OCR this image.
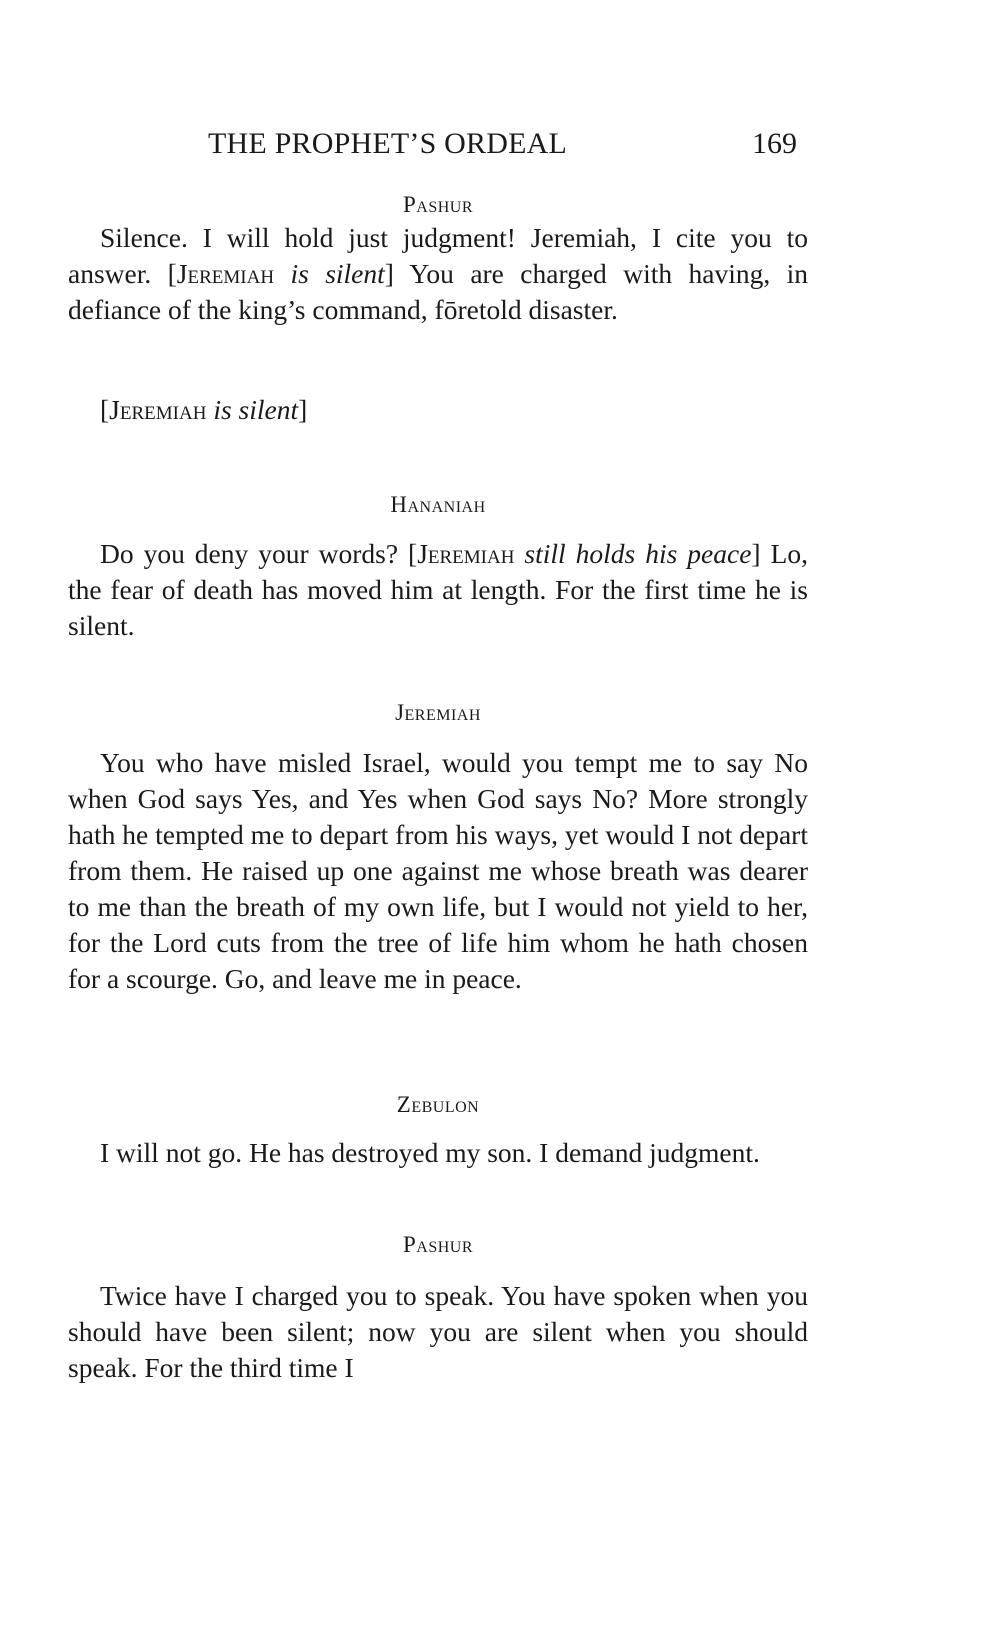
THE PROPHET’S ORDEAL	169
Pashur

Silence. I will hold just judgment! Jeremiah, I cite you to answer. [Jeremiah is silent] You are charged with having, in defiance of the king’s command, fōretold disaster.

[Jeremiah is silent]

Hananiah

Do you deny your words? [Jeremiah still holds his peace] Lo, the fear of death has moved him at length. For the first time he is silent.

Jeremiah

You who have misled Israel, would you tempt me to say No when God says Yes, and Yes when God says No? More strongly hath he tempted me to depart from his ways, yet would I not depart from them. He raised up one against me whose breath was dearer to me than the breath of my own life, but I would not yield to her, for the Lord cuts from the tree of life him whom he hath chosen for a scourge. Go, and leave me in peace.

Zebulon

I will not go. He has destroyed my son. I demand judgment.

Pashur

Twice have I charged you to speak. You have spoken when you should have been silent; now you are silent when you should speak. For the third time I
